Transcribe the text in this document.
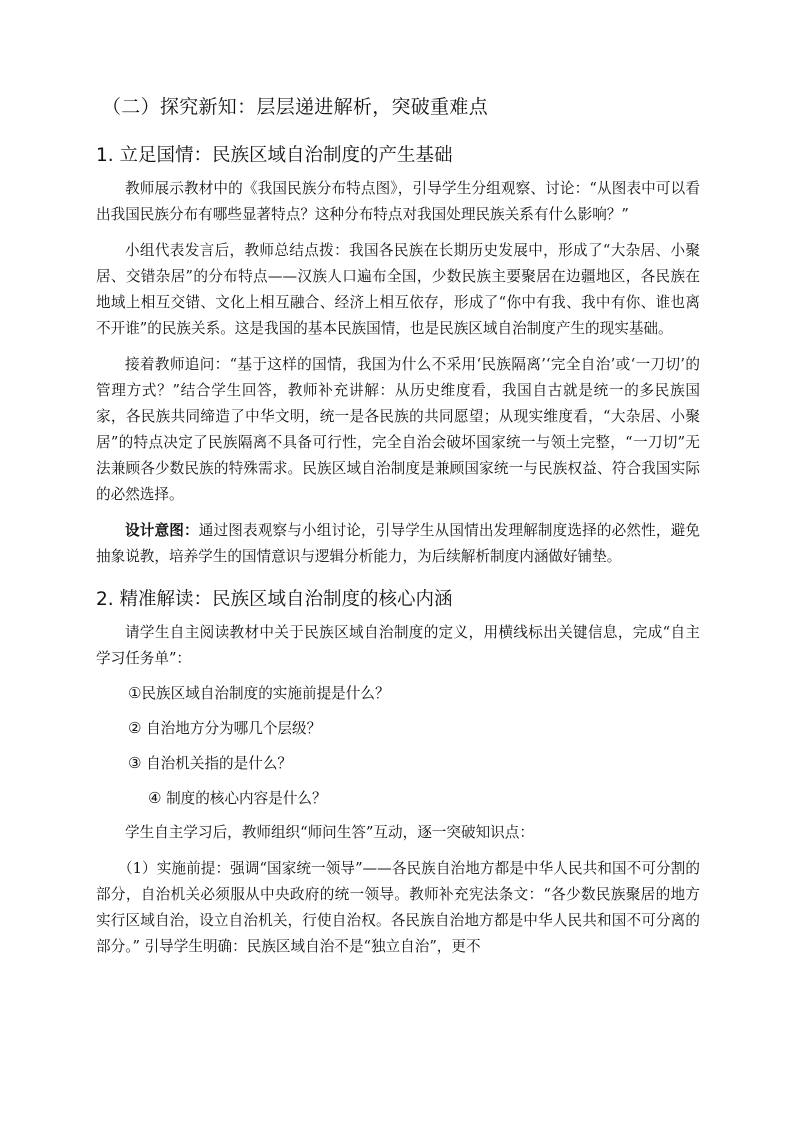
（二）探究新知：层层递进解析，突破重难点
1. 立足国情：民族区域自治制度的产生基础

教师展示教材中的《我国民族分布特点图》，引导学生分组观察、讨论：“从图表中可以看出我国民族分布有哪些显著特点？这种分布特点对我国处理民族关系有什么影响？”

小组代表发言后，教师总结点拨：我国各民族在长期历史发展中，形成了“大杂居、小聚居、交错杂居”的分布特点——汉族人口遍布全国，少数民族主要聚居在边疆地区，各民族在地域上相互交错、文化上相互融合、经济上相互依存，形成了“你中有我、我中有你、谁也离不开谁”的民族关系。这是我国的基本民族国情，也是民族区域自治制度产生的现实基础。

接着教师追问：“基于这样的国情，我国为什么不采用‘民族隔离’‘完全自治’或‘一刀切’的管理方式？”结合学生回答，教师补充讲解：从历史维度看，我国自古就是统一的多民族国家，各民族共同缔造了中华文明，统一是各民族的共同愿望；从现实维度看，“大杂居、小聚居”的特点决定了民族隔离不具备可行性，完全自治会破坏国家统一与领土完整，“一刀切”无法兼顾各少数民族的特殊需求。民族区域自治制度是兼顾国家统一与民族权益、符合我国实际的必然选择。

设计意图：通过图表观察与小组讨论，引导学生从国情出发理解制度选择的必然性，避免抽象说教，培养学生的国情意识与逻辑分析能力，为后续解析制度内涵做好铺垫。

2. 精准解读：民族区域自治制度的核心内涵

请学生自主阅读教材中关于民族区域自治制度的定义，用横线标出关键信息，完成“自主学习任务单”：

①民族区域自治制度的实施前提是什么？
② 自治地方分为哪几个层级？
③ 自治机关指的是什么？
④ 制度的核心内容是什么？

学生自主学习后，教师组织“师问生答”互动，逐一突破知识点：

（1）实施前提：强调“国家统一领导”——各民族自治地方都是中华人民共和国不可分割的部分，自治机关必须服从中央政府的统一领导。教师补充宪法条文：“各少数民族聚居的地方实行区域自治，设立自治机关，行使自治权。各民族自治地方都是中华人民共和国不可分离的部分。” 引导学生明确：民族区域自治不是“独立自治”，更不
